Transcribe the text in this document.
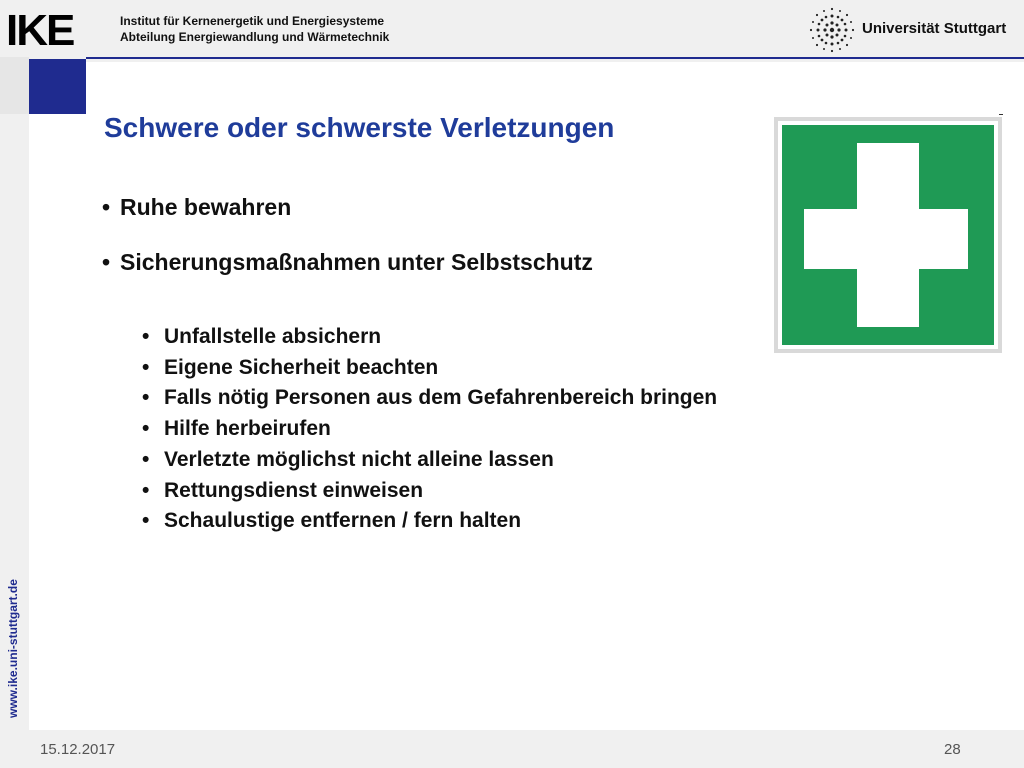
IKE	Institut für Kernenergetik und Energiesysteme
Abteilung Energiewandlung und Wärmetechnik	Universität Stuttgart
www.ike.uni-stuttgart.de
Schwere oder schwerste Verletzungen
• Ruhe bewahren
• Sicherungsmaßnahmen unter Selbstschutz
• Unfallstelle absichern
• Eigene Sicherheit beachten
• Falls nötig Personen aus dem Gefahrenbereich bringen
• Hilfe herbeirufen
• Verletzte möglichst nicht alleine lassen
• Rettungsdienst einweisen
• Schaulustige entfernen / fern halten
15.12.2017	28
